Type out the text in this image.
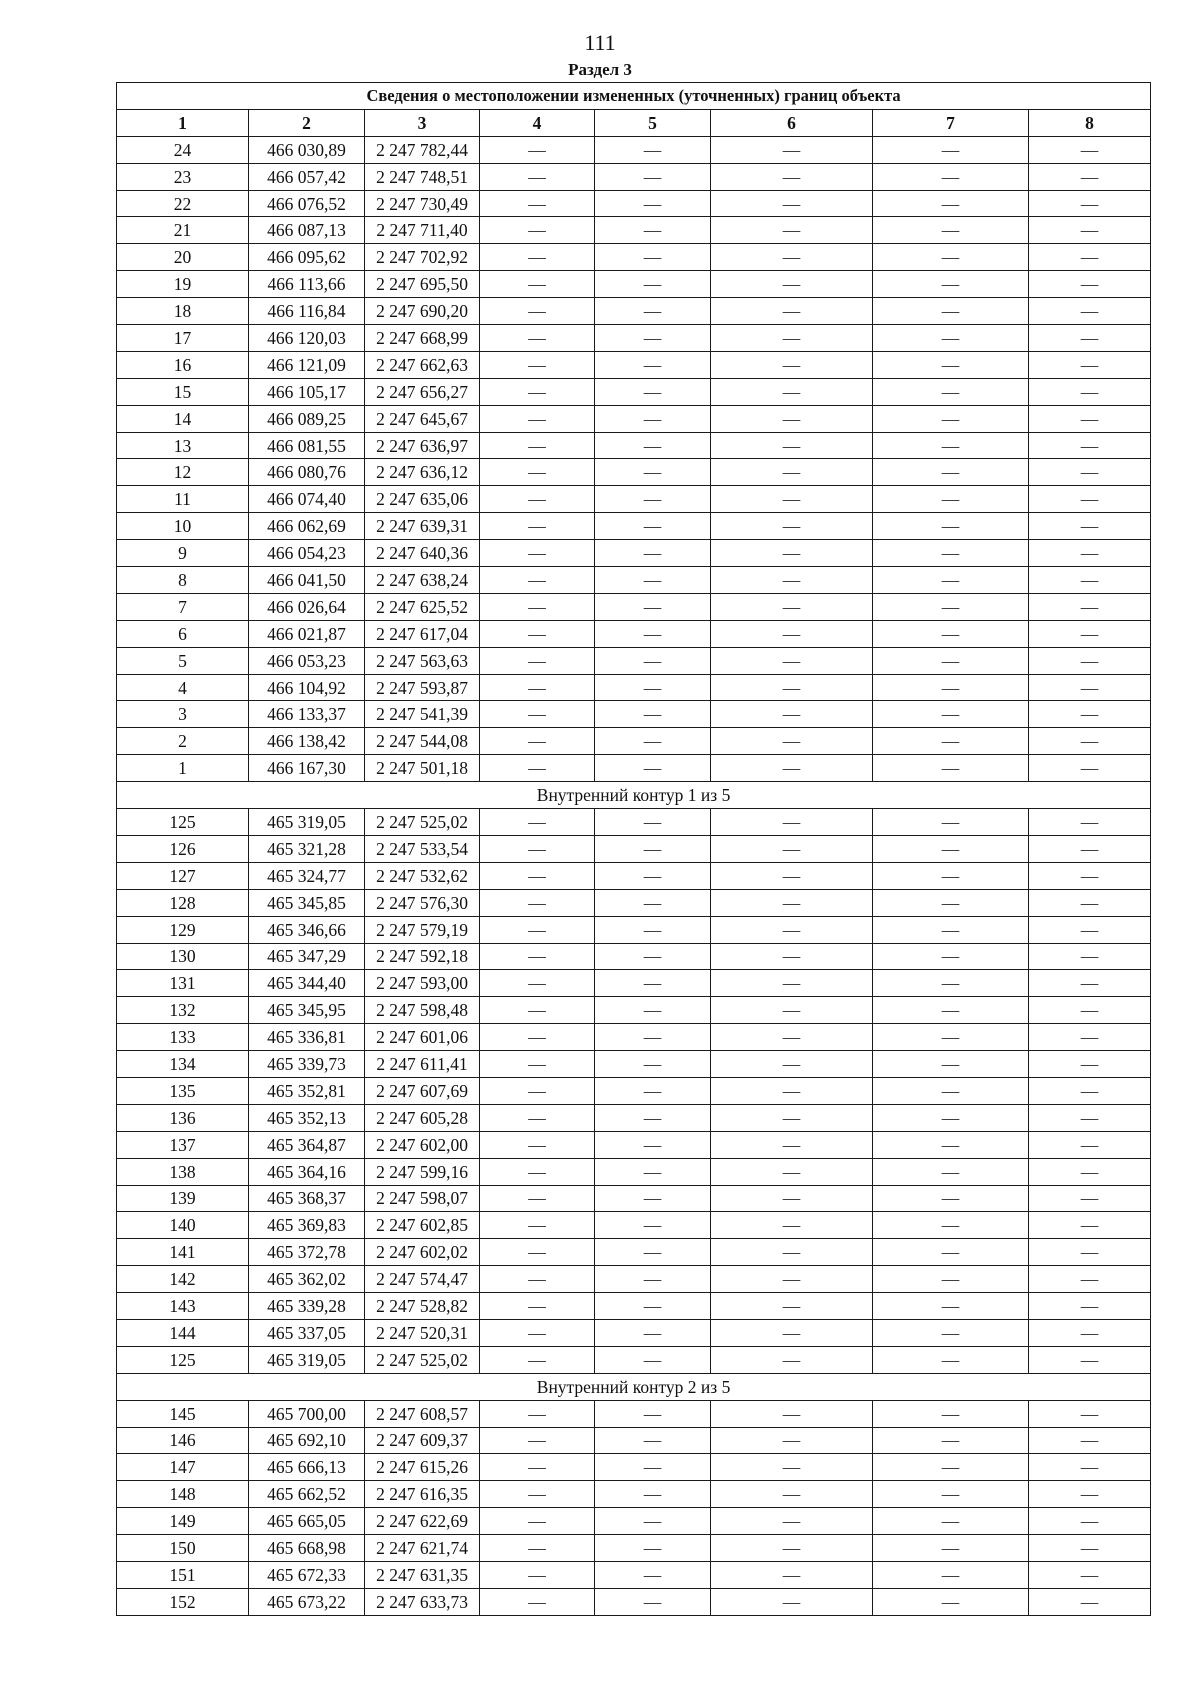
111
Раздел 3
Сведения о местоположении измененных (уточненных) границ объекта							
1	2	3	4	5	6	7	8
24	466 030,89	2 247 782,44	—	—	—	—	—
23	466 057,42	2 247 748,51	—	—	—	—	—
22	466 076,52	2 247 730,49	—	—	—	—	—
21	466 087,13	2 247 711,40	—	—	—	—	—
20	466 095,62	2 247 702,92	—	—	—	—	—
19	466 113,66	2 247 695,50	—	—	—	—	—
18	466 116,84	2 247 690,20	—	—	—	—	—
17	466 120,03	2 247 668,99	—	—	—	—	—
16	466 121,09	2 247 662,63	—	—	—	—	—
15	466 105,17	2 247 656,27	—	—	—	—	—
14	466 089,25	2 247 645,67	—	—	—	—	—
13	466 081,55	2 247 636,97	—	—	—	—	—
12	466 080,76	2 247 636,12	—	—	—	—	—
11	466 074,40	2 247 635,06	—	—	—	—	—
10	466 062,69	2 247 639,31	—	—	—	—	—
9	466 054,23	2 247 640,36	—	—	—	—	—
8	466 041,50	2 247 638,24	—	—	—	—	—
7	466 026,64	2 247 625,52	—	—	—	—	—
6	466 021,87	2 247 617,04	—	—	—	—	—
5	466 053,23	2 247 563,63	—	—	—	—	—
4	466 104,92	2 247 593,87	—	—	—	—	—
3	466 133,37	2 247 541,39	—	—	—	—	—
2	466 138,42	2 247 544,08	—	—	—	—	—
1	466 167,30	2 247 501,18	—	—	—	—	—
Внутренний контур 1 из 5							
125	465 319,05	2 247 525,02	—	—	—	—	—
126	465 321,28	2 247 533,54	—	—	—	—	—
127	465 324,77	2 247 532,62	—	—	—	—	—
128	465 345,85	2 247 576,30	—	—	—	—	—
129	465 346,66	2 247 579,19	—	—	—	—	—
130	465 347,29	2 247 592,18	—	—	—	—	—
131	465 344,40	2 247 593,00	—	—	—	—	—
132	465 345,95	2 247 598,48	—	—	—	—	—
133	465 336,81	2 247 601,06	—	—	—	—	—
134	465 339,73	2 247 611,41	—	—	—	—	—
135	465 352,81	2 247 607,69	—	—	—	—	—
136	465 352,13	2 247 605,28	—	—	—	—	—
137	465 364,87	2 247 602,00	—	—	—	—	—
138	465 364,16	2 247 599,16	—	—	—	—	—
139	465 368,37	2 247 598,07	—	—	—	—	—
140	465 369,83	2 247 602,85	—	—	—	—	—
141	465 372,78	2 247 602,02	—	—	—	—	—
142	465 362,02	2 247 574,47	—	—	—	—	—
143	465 339,28	2 247 528,82	—	—	—	—	—
144	465 337,05	2 247 520,31	—	—	—	—	—
125	465 319,05	2 247 525,02	—	—	—	—	—
Внутренний контур 2 из 5							
145	465 700,00	2 247 608,57	—	—	—	—	—
146	465 692,10	2 247 609,37	—	—	—	—	—
147	465 666,13	2 247 615,26	—	—	—	—	—
148	465 662,52	2 247 616,35	—	—	—	—	—
149	465 665,05	2 247 622,69	—	—	—	—	—
150	465 668,98	2 247 621,74	—	—	—	—	—
151	465 672,33	2 247 631,35	—	—	—	—	—
152	465 673,22	2 247 633,73	—	—	—	—	—
